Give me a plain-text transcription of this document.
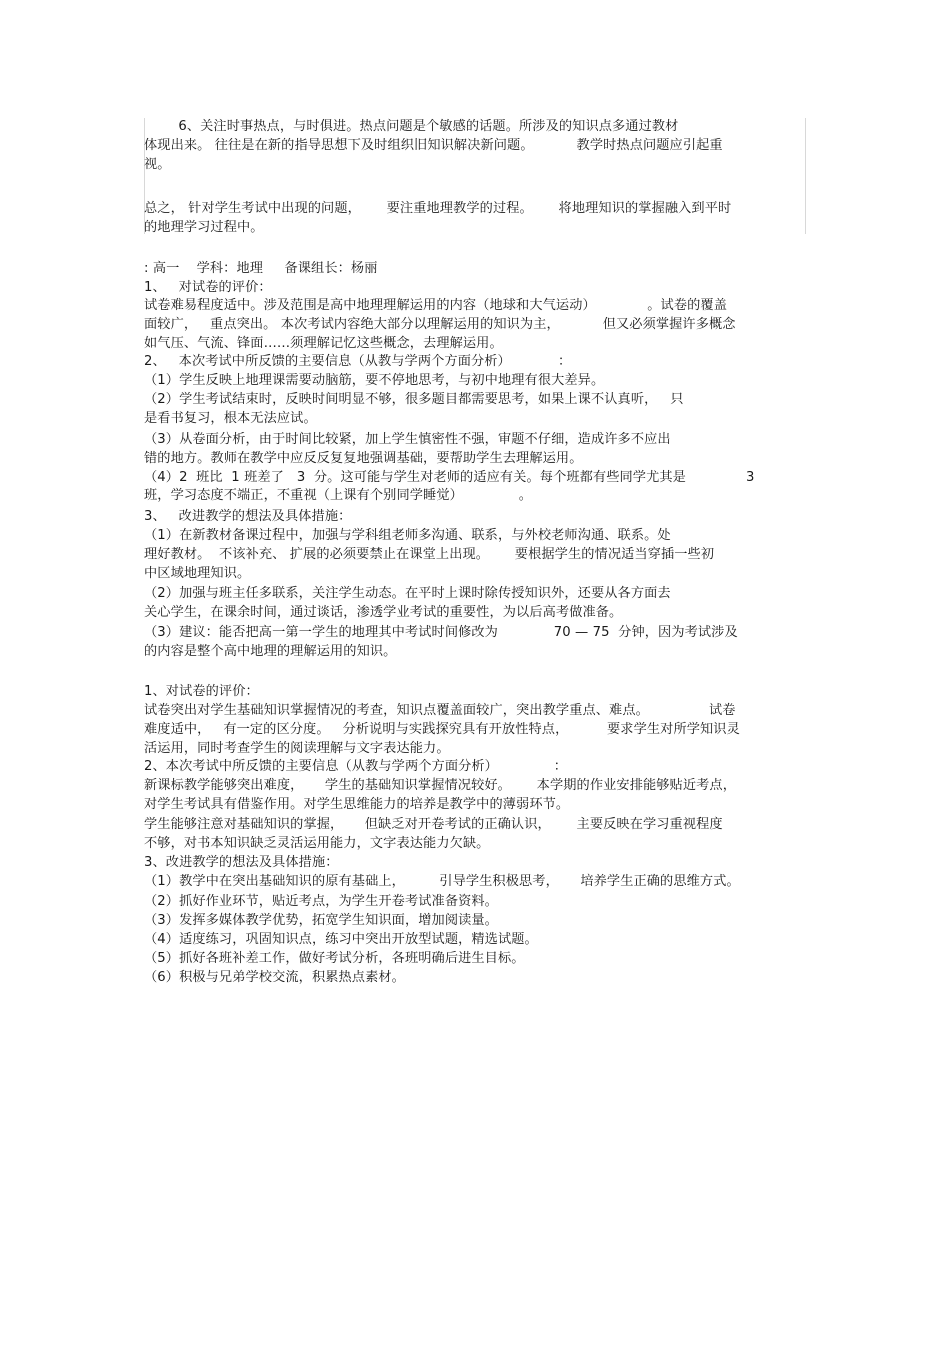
6、关注时事热点，与时俱进。热点问题是个敏感的话题。所涉及的知识点多通过教材
体现出来。 往往是在新的指导思想下及时组织旧知识解决新问题。          教学时热点问题应引起重
视。
总之， 针对学生考试中出现的问题，      要注重地理教学的过程。      将地理知识的掌握融入到平时
的地理学习过程中。
: 高一    学科：地理     备课组长：杨丽
1、   对试卷的评价：
试卷难易程度适中。涉及范围是高中地理理解运用的内容（地球和大气运动）            。试卷的覆盖
面较广，   重点突出。 本次考试内容绝大部分以理解运用的知识为主，          但又必须掌握许多概念
如气压、气流、锋面……须理解记忆这些概念，去理解运用。
2、   本次考试中所反馈的主要信息（从教与学两个方面分析）           ：
（1）学生反映上地理课需要动脑筋，要不停地思考，与初中地理有很大差异。
（2）学生考试结束时，反映时间明显不够，很多题目都需要思考，如果上课不认真听，   只
是看书复习，根本无法应试。
（3）从卷面分析，由于时间比较紧，加上学生慎密性不强，审题不仔细，造成许多不应出
错的地方。教师在教学中应反反复复地强调基础，要帮助学生去理解运用。
（4）2  班比  1 班差了   3  分。这可能与学生对老师的适应有关。每个班都有些同学尤其是              3
班，学习态度不端正，不重视（上课有个别同学睡觉）             。
3、   改进教学的想法及具体措施：
（1）在新教材备课过程中，加强与学科组老师多沟通、联系，与外校老师沟通、联系。处
理好教材。  不该补充、 扩展的必须要禁止在课堂上出现。      要根据学生的情况适当穿插一些初
中区域地理知识。
（2）加强与班主任多联系，关注学生动态。在平时上课时除传授知识外，还要从各方面去
关心学生，在课余时间，通过谈话，渗透学业考试的重要性，为以后高考做准备。
（3）建议：能否把高一第一学生的地理其中考试时间修改为             70 — 75  分钟，因为考试涉及
的内容是整个高中地理的理解运用的知识。
1、对试卷的评价：
试卷突出对学生基础知识掌握情况的考查，知识点覆盖面较广，突出教学重点、难点。              试卷
难度适中，   有一定的区分度。   分析说明与实践探究具有开放性特点，         要求学生对所学知识灵
活运用，同时考查学生的阅读理解与文字表达能力。
2、本次考试中所反馈的主要信息（从教与学两个方面分析）             ：
新课标教学能够突出难度，     学生的基础知识掌握情况较好。      本学期的作业安排能够贴近考点，
对学生考试具有借鉴作用。对学生思维能力的培养是教学中的薄弱环节。
学生能够注意对基础知识的掌握，     但缺乏对开卷考试的正确认识，      主要反映在学习重视程度
不够，对书本知识缺乏灵活运用能力，文字表达能力欠缺。
3、改进教学的想法及具体措施：
（1）教学中在突出基础知识的原有基础上，        引导学生积极思考，     培养学生正确的思维方式。
（2）抓好作业环节，贴近考点，为学生开卷考试准备资料。
（3）发挥多媒体教学优势，拓宽学生知识面，增加阅读量。
（4）适度练习，巩固知识点，练习中突出开放型试题，精选试题。
（5）抓好各班补差工作，做好考试分析，各班明确后进生目标。
（6）积极与兄弟学校交流，积累热点素材。
